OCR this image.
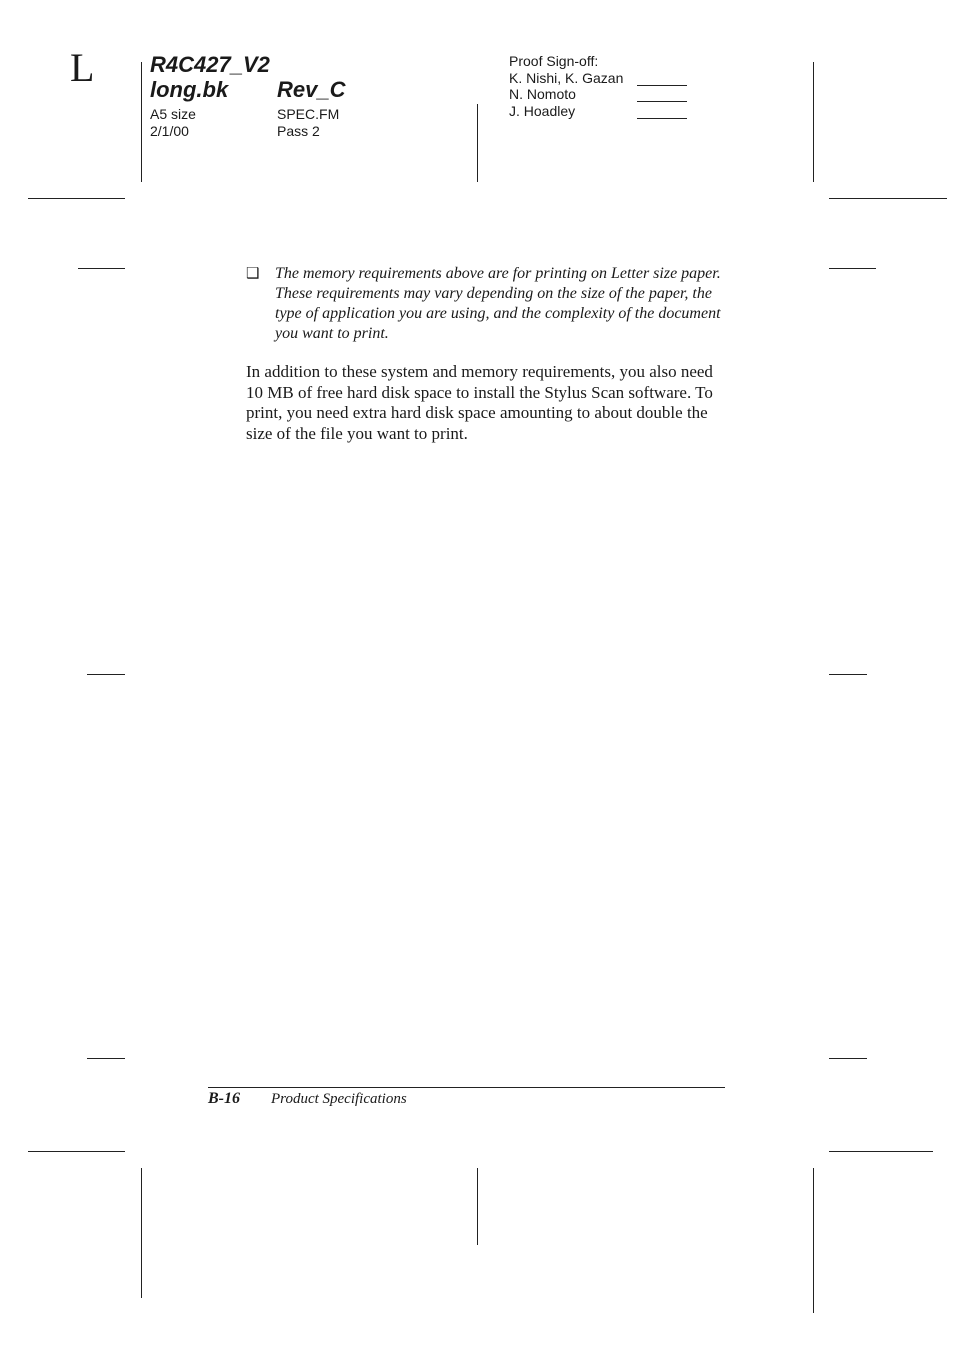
L	R4C427_V2
long.bk Rev_C
A5 size	SPEC.FM
2/1/00	Pass 2
Proof Sign-off:
K. Nishi, K. Gazan
N. Nomoto
J. Hoadley
❑ The memory requirements above are for printing on Letter size paper. These requirements may vary depending on the size of the paper, the type of application you are using, and the complexity of the document you want to print.
In addition to these system and memory requirements, you also need 10 MB of free hard disk space to install the Stylus Scan software. To print, you need extra hard disk space amounting to about double the size of the file you want to print.
B-16 Product Specifications
